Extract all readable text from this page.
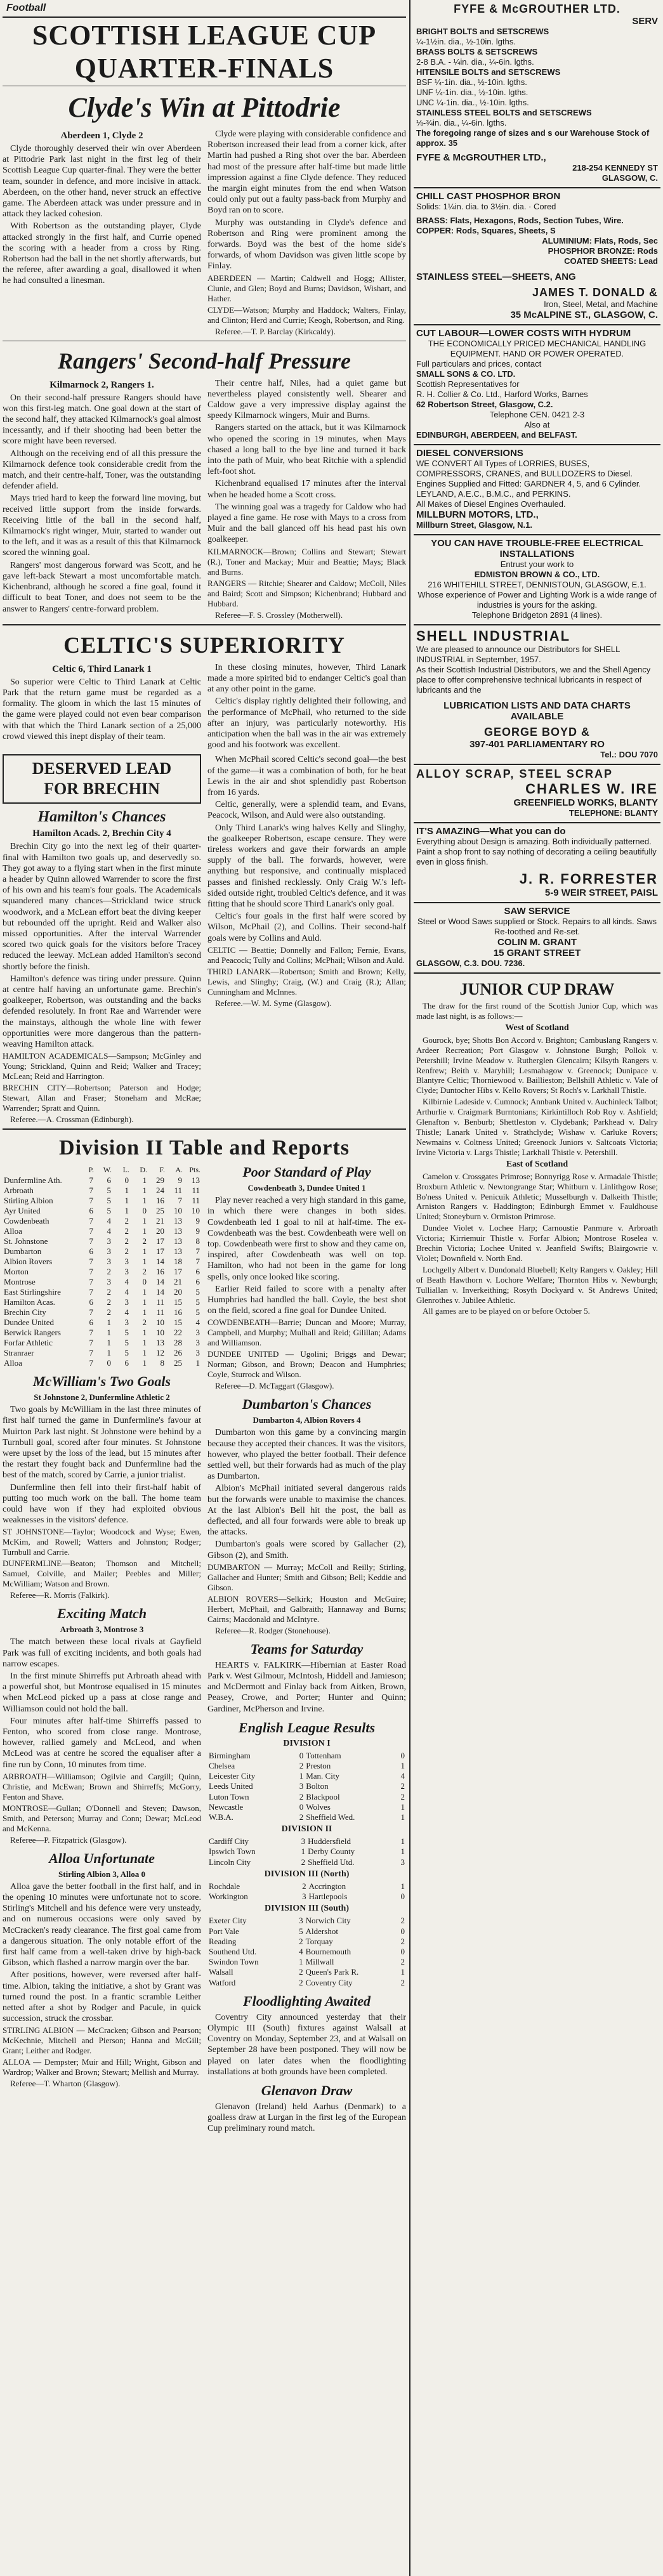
Football
SCOTTISH LEAGUE CUP
QUARTER-FINALS
Clyde's Win at Pittodrie
Aberdeen 1, Clyde 2

Clyde thoroughly deserved their win over Aberdeen at Pittodrie Park last night in the first leg of their Scottish League Cup quarter-final. They were the better team, sounder in defence, and more incisive in attack. Aberdeen, on the other hand, never struck an effective game. The Aberdeen attack was under pressure and in attack they lacked cohesion.

With Robertson as the outstanding player, Clyde attacked strongly in the first half, and Currie opened the scoring with a header from a cross by Ring. Robertson had the ball in the net shortly afterwards, but the referee, after awarding a goal, disallowed it when he had consulted a linesman.

Clyde were playing with considerable confidence and Robertson increased their lead from a corner kick, after Martin had pushed a Ring shot over the bar. Aberdeen had most of the pressure after half-time but made little impression against a fine Clyde defence. They reduced the margin eight minutes from the end when Watson could only put out a faulty pass-back from Murphy and Boyd ran on to score.

Murphy was outstanding in Clyde's defence and Robertson and Ring were prominent among the forwards. Boyd was the best of the home side's forwards, of whom Davidson was given little scope by Finlay.

ABERDEEN — Martin; Caldwell and Hogg; Allister, Clunie, and Glen; Boyd and Burns; Davidson, Wishart, and Hather.

CLYDE—Watson; Murphy and Haddock; Walters, Finlay, and Clinton; Herd and Currie; Keogh, Robertson, and Ring.

Referee.—T. P. Barclay (Kirkcaldy).

Rangers' Second-half Pressure
Kilmarnock 2, Rangers 1.

On their second-half pressure Rangers should have won this first-leg match. One goal down at the start of the second half, they attacked Kilmarnock's goal almost incessantly, and if their shooting had been better the score might have been reversed.

Although on the receiving end of all this pressure the Kilmarnock defence took considerable credit from the match, and their centre-half, Toner, was the outstanding defender afield.

Mays tried hard to keep the forward line moving, but received little support from the inside forwards. Receiving little of the ball in the second half, Kilmarnock's right winger, Muir, started to wander out to the left, and it was as a result of this that Kilmarnock scored the winning goal.

Rangers' most dangerous forward was Scott, and he gave left-back Stewart a most uncomfortable match. Kichenbrand, although he scored a fine goal, found it difficult to beat Toner, and does not seem to be the answer to Rangers' centre-forward problem.

Their centre half, Niles, had a quiet game but nevertheless played consistently well. Shearer and Caldow gave a very impressive display against the speedy Kilmarnock wingers, Muir and Burns.

Rangers started on the attack, but it was Kilmarnock who opened the scoring in 19 minutes, when Mays chased a long ball to the bye line and turned it back into the path of Muir, who beat Ritchie with a splendid left-foot shot.

Kichenbrand equalised 17 minutes after the interval when he headed home a Scott cross.

The winning goal was a tragedy for Caldow who had played a fine game. He rose with Mays to a cross from Muir and the ball glanced off his head past his own goalkeeper.

KILMARNOCK—Brown; Collins and Stewart; Stewart (R.), Toner and Mackay; Muir and Beattie; Mays; Black and Burns.

RANGERS — Ritchie; Shearer and Caldow; McColl, Niles and Baird; Scott and Simpson; Kichenbrand; Hubbard and Hubbard.

Referee—F. S. Crossley (Motherwell).

CELTIC'S SUPERIORITY
Celtic 6, Third Lanark 1

So superior were Celtic to Third Lanark at Celtic Park that the return game must be regarded as a formality. The gloom in which the last 15 minutes of the game were played could not even bear comparison with that which the Third Lanark section of a 25,000 crowd viewed this inept display of their team.

In these closing minutes, however, Third Lanark made a more spirited bid to endanger Celtic's goal than at any other point in the game.

Celtic's display rightly delighted their following, and the performance of McPhail, who returned to the side after an injury, was particularly noteworthy. His anticipation when the ball was in the air was extremely good and his footwork was excellent.

DESERVED LEAD
FOR BRECHIN
Hamilton's Chances
Hamilton Acads. 2, Brechin City 4

Brechin City go into the next leg of their quarter-final with Hamilton two goals up, and deservedly so. They got away to a flying start when in the first minute a header by Quinn allowed Warrender to score the first of his own and his team's four goals. The Academicals squandered many chances—Strickland twice struck woodwork, and a McLean effort beat the diving keeper but rebounded off the upright. Reid and Walker also missed opportunities. After the interval Warrender scored two quick goals for the visitors before Tracey reduced the leeway. McLean added Hamilton's second shortly before the finish.

Hamilton's defence was tiring under pressure. Quinn at centre half having an unfortunate game. Brechin's goalkeeper, Robertson, was outstanding and the backs defended resolutely. In front Rae and Warrender were the mainstays, although the whole line with fewer opportunities were more dangerous than the pattern-weaving Hamilton attack.

HAMILTON ACADEMICALS—Sampson; McGinley and Young; Strickland, Quinn and Reid; Walker and Tracey; McLean; Reid and Harrington.

BRECHIN CITY—Robertson; Paterson and Hodge; Stewart, Allan and Fraser; Stoneham and McRae; Warrender; Spratt and Quinn.

Referee.—A. Crossman (Edinburgh).

When McPhail scored Celtic's second goal—the best of the game—it was a combination of both, for he beat Lewis in the air and shot splendidly past Robertson from 16 yards.

Celtic, generally, were a splendid team, and Evans, Peacock, Wilson, and Auld were also outstanding.

Only Third Lanark's wing halves Kelly and Slinghy, the goalkeeper Robertson, escape censure. They were tireless workers and gave their forwards an ample supply of the ball. The forwards, however, were anything but responsive, and continually misplaced passes and finished recklessly. Only Craig W.'s left-sided outside right, troubled Celtic's defence, and it was fitting that he should score Third Lanark's only goal.

Celtic's four goals in the first half were scored by Wilson, McPhail (2), and Collins. Their second-half goals were by Collins and Auld.

CELTIC — Beattie; Donnelly and Fallon; Fernie, Evans, and Peacock; Tully and Collins; McPhail; Wilson and Auld.

THIRD LANARK—Robertson; Smith and Brown; Kelly, Lewis, and Slinghy; Craig, (W.) and Craig (R.); Allan; Cunningham and McInnes.

Referee.—W. M. Syme (Glasgow).

Division II Table and Reports
	P.	W.	L.	D.	F.	A.	Pts.
Dunfermline Ath.	7	6	0	1	29	9	13
Arbroath	7	5	1	1	24	11	11
Stirling Albion	7	5	1	1	16	7	11
Ayr United	6	5	1	0	25	10	10
Cowdenbeath	7	4	2	1	21	13	9
Alloa	7	4	2	1	20	13	9
St. Johnstone	7	3	2	2	17	13	8
Dumbarton	6	3	2	1	17	13	7
Albion Rovers	7	3	3	1	14	18	7
Morton	7	2	3	2	16	17	6
Montrose	7	3	4	0	14	21	6
East Stirlingshire	7	2	4	1	14	20	5
Hamilton Acas.	6	2	3	1	11	15	5
Brechin City	7	2	4	1	11	16	5
Dundee United	6	1	3	2	10	15	4
Berwick Rangers	7	1	5	1	10	22	3
Forfar Athletic	7	1	5	1	13	28	3
Stranraer	7	1	5	1	12	26	3
Alloa	7	0	6	1	8	25	1
McWilliam's Two Goals
St Johnstone 2, Dunfermline Athletic 2

Two goals by McWilliam in the last three minutes of first half turned the game in Dunfermline's favour at Muirton Park last night. St Johnstone were behind by a Turnbull goal, scored after four minutes. St Johnstone were upset by the loss of the lead, but 15 minutes after the restart they fought back and Dunfermline had the best of the match, scored by Carrie, a junior trialist.

Dunfermline then fell into their first-half habit of putting too much work on the ball. The home team could have won if they had exploited obvious weaknesses in the visitors' defence.

ST JOHNSTONE—Taylor; Woodcock and Wyse; Ewen, McKim, and Rowell; Watters and Johnston; Rodger; Turnbull and Carrie.

DUNFERMLINE—Beaton; Thomson and Mitchell; Samuel, Colville, and Mailer; Peebles and Miller; McWilliam; Watson and Brown.

Referee—R. Morris (Falkirk).

Exciting Match
Arbroath 3, Montrose 3

The match between these local rivals at Gayfield Park was full of exciting incidents, and both goals had narrow escapes.

In the first minute Shirreffs put Arbroath ahead with a powerful shot, but Montrose equalised in 15 minutes when McLeod picked up a pass at close range and Williamson could not hold the ball.

Four minutes after half-time Shirreffs passed to Fenton, who scored from close range. Montrose, however, rallied gamely and McLeod, and when McLeod was at centre he scored the equaliser after a fine run by Conn, 10 minutes from time.

ARBROATH—Williamson; Ogilvie and Cargill; Quinn, Christie, and McEwan; Brown and Shirreffs; McGorry, Fenton and Shave.

MONTROSE—Gullan; O'Donnell and Steven; Dawson, Smith, and Peterson; Murray and Conn; Dewar; McLeod and McKenna.

Referee—P. Fitzpatrick (Glasgow).

Alloa Unfortunate
Stirling Albion 3, Alloa 0

Alloa gave the better football in the first half, and in the opening 10 minutes were unfortunate not to score. Stirling's Mitchell and his defence were very unsteady, and on numerous occasions were only saved by McCracken's ready clearance. The first goal came from a dangerous situation. The only notable effort of the first half came from a well-taken drive by high-back Gibson, which flashed a narrow margin over the bar.

After positions, however, were reversed after half-time. Albion, taking the initiative, a shot by Grant was turned round the post. In a frantic scramble Leither netted after a shot by Rodger and Pacule, in quick succession, struck the crossbar.

STIRLING ALBION — McCracken; Gibson and Pearson; McKechnie, Mitchell and Pierson; Hanna and McGill; Grant; Leither and Rodger.

ALLOA — Dempster; Muir and Hill; Wright, Gibson and Wardrop; Walker and Brown; Stewart; Mellish and Murray.

Referee—T. Wharton (Glasgow).

Poor Standard of Play
Cowdenbeath 3, Dundee United 1

Play never reached a very high standard in this game, in which there were changes in both sides. Cowdenbeath led 1 goal to nil at half-time. The ex-Cowdenbeath was the best. Cowdenbeath were well on top. Cowdenbeath were first to show and they came on, inspired, after Cowdenbeath was well on top. Hamilton, who had not been in the game for long spells, only once looked like scoring.

Earlier Reid failed to score with a penalty after Humphries had handled the ball. Coyle, the best shot on the field, scored a fine goal for Dundee United.

COWDENBEATH—Barrie; Duncan and Moore; Murray, Campbell, and Murphy; Mulhall and Reid; Gilillan; Adams and Williamson.

DUNDEE UNITED — Ugolini; Briggs and Dewar; Norman; Gibson, and Brown; Deacon and Humphries; Coyle, Sturrock and Wilson.

Referee—D. McTaggart (Glasgow).

Dumbarton's Chances
Dumbarton 4, Albion Rovers 4

Dumbarton won this game by a convincing margin because they accepted their chances. It was the visitors, however, who played the better football. Their defence settled well, but their forwards had as much of the play as Dumbarton.

Albion's McPhail initiated several dangerous raids but the forwards were unable to maximise the chances. At the last Albion's Bell hit the post, the ball as deflected, and all four forwards were able to break up the attacks.

Dumbarton's goals were scored by Gallacher (2), Gibson (2), and Smith.

DUMBARTON — Murray; McColl and Reilly; Stirling, Gallacher and Hunter; Smith and Gibson; Bell; Keddie and Gibson.

ALBION ROVERS—Selkirk; Houston and McGuire; Herbert, McPhail, and Galbraith; Hannaway and Burns; Cairns; Macdonald and McIntyre.

Referee—R. Rodger (Stonehouse).

Teams for Saturday

HEARTS v. FALKIRK—Hibernian at Easter Road Park v. West Gilmour, McIntosh, Hiddell and Jamieson; and McDermott and Finlay back from Aitken, Brown, Peasey, Crowe, and Porter; Hunter and Quinn; Gardiner, McPherson and Irvine.

English League Results
DIVISION I
Birmingham	0	Tottenham	0
Chelsea	2	Preston	1
Leicester City	1	Man. City	4
Leeds United	3	Bolton	2
Luton Town	2	Blackpool	2
Newcastle	0	Wolves	1
W.B.A.	2	Sheffield Wed.	1
DIVISION II
Cardiff City	3	Huddersfield	1
Ipswich Town	1	Derby County	1
Lincoln City	2	Sheffield Utd.	3
DIVISION III (North)
Rochdale	2	Accrington	1
Workington	3	Hartlepools	0
DIVISION III (South)
Exeter City	3	Norwich City	2
Port Vale	5	Aldershot	0
Reading	2	Torquay	2
Southend Utd.	4	Bournemouth	0
Swindon Town	1	Millwall	2
Walsall	2	Queen's Park R.	1
Watford	2	Coventry City	2
Floodlighting Awaited

Coventry City announced yesterday that their Olympic III (South) fixtures against Walsall at Coventry on Monday, September 23, and at Walsall on September 28 have been postponed. They will now be played on later dates when the floodlighting installations at both grounds have been completed.

Glenavon Draw

Glenavon (Ireland) held Aarhus (Denmark) to a goalless draw at Lurgan in the first leg of the European Cup preliminary round match.

FYFE & McGROUTHER LTD.
SERV
BRIGHT BOLTS and SETSCREWS
¼-1½in. dia., ½-10in. lgths.
BRASS BOLTS & SETSCREWS
2-8 B.A. - ¼in. dia., ¼-6in. lgths.
HITENSILE BOLTS and SETSCREWS
BSF ¼-1in. dia., ½-10in. lgths.
UNF ¼-1in. dia., ½-10in. lgths.
UNC ¼-1in. dia., ½-10in. lgths.
STAINLESS STEEL BOLTS and SETSCREWS
⅛-¾in. dia., ¼-6in. lgths.
The foregoing range of sizes and s our Warehouse Stock of approx. 35
FYFE & McGROUTHER LTD.,
218-254 KENNEDY ST
GLASGOW, C.
CHILL CAST PHOSPHOR BRON
Solids: 1¼in. dia. to 3½in. dia. · Cored
BRASS: Flats, Hexagons, Rods, Section Tubes, Wire.
COPPER: Rods, Squares, Sheets, S
ALUMINIUM: Flats, Rods, Sec
PHOSPHOR BRONZE: Rods
COATED SHEETS: Lead
STAINLESS STEEL—SHEETS, ANG
JAMES T. DONALD &
Iron, Steel, Metal, and Machine
35 McALPINE ST., GLASGOW, C.
CUT LABOUR—LOWER COSTS WITH HYDRUM
THE ECONOMICALLY PRICED MECHANICAL HANDLING EQUIPMENT. HAND OR POWER OPERATED.
Full particulars and prices, contact
SMALL SONS & CO. LTD.
Scottish Representatives for
R. H. Collier & Co. Ltd., Harford Works, Barnes
62 Robertson Street, Glasgow, C.2.
Telephone CEN. 0421 2-3
Also at
EDINBURGH, ABERDEEN, and BELFAST.
DIESEL CONVERSIONS
WE CONVERT All Types of LORRIES, BUSES, COMPRESSORS, CRANES, and BULLDOZERS to Diesel.
Engines Supplied and Fitted: GARDNER 4, 5, and 6 Cylinder. LEYLAND, A.E.C., B.M.C., and PERKINS.
All Makes of Diesel Engines Overhauled.
MILLBURN MOTORS, LTD.,
Millburn Street, Glasgow, N.1.
YOU CAN HAVE TROUBLE-FREE ELECTRICAL INSTALLATIONS
Entrust your work to
EDMISTON BROWN & CO., LTD.
216 WHITEHILL STREET, DENNISTOUN, GLASGOW, E.1.
Whose experience of Power and Lighting Work is a wide range of industries is yours for the asking.
Telephone Bridgeton 2891 (4 lines).
SHELL INDUSTRIAL
We are pleased to announce our Distributors for SHELL INDUSTRIAL in September, 1957.
As their Scottish Industrial Distributors, we and the Shell Agency place to offer comprehensive technical lubricants in respect of lubricants and the
LUBRICATION LISTS AND DATA CHARTS AVAILABLE
GEORGE BOYD &
397-401 PARLIAMENTARY RO
Tel.: DOU 7070
ALLOY SCRAP, STEEL SCRAP
CHARLES W. IRE
GREENFIELD WORKS, BLANTY
TELEPHONE: BLANTY
IT'S AMAZING—What you can do
Everything about Design is amazing. Both individually patterned. Paint a shop front to say nothing of decorating a ceiling beautifully even in gloss finish.
J. R. FORRESTER
5-9 WEIR STREET, PAISL
SAW SERVICE
Steel or Wood Saws supplied or Stock. Repairs to all kinds. Saws Re-toothed and Re-set.
COLIN M. GRANT
15 GRANT STREET
GLASGOW, C.3. DOU. 7236.
JUNIOR CUP DRAW

The draw for the first round of the Scottish Junior Cup, which was made last night, is as follows:—

West of Scotland

Gourock, bye; Shotts Bon Accord v. Brighton; Cambuslang Rangers v. Ardeer Recreation; Port Glasgow v. Johnstone Burgh; Pollok v. Petershill; Irvine Meadow v. Rutherglen Glencairn; Kilsyth Rangers v. Renfrew; Beith v. Maryhill; Lesmahagow v. Greenock; Dunipace v. Blantyre Celtic; Thorniewood v. Baillieston; Bellshill Athletic v. Vale of Clyde; Duntocher Hibs v. Kello Rovers; St Roch's v. Larkhall Thistle.

Kilbirnie Ladeside v. Cumnock; Annbank United v. Auchinleck Talbot; Arthurlie v. Craigmark Burntonians; Kirkintilloch Rob Roy v. Ashfield; Glenafton v. Benburb; Shettleston v. Clydebank; Parkhead v. Dalry Thistle; Lanark United v. Strathclyde; Wishaw v. Carluke Rovers; Newmains v. Coltness United; Greenock Juniors v. Saltcoats Victoria; Irvine Victoria v. Largs Thistle; Larkhall Thistle v. Petershill.

East of Scotland

Camelon v. Crossgates Primrose; Bonnyrigg Rose v. Armadale Thistle; Broxburn Athletic v. Newtongrange Star; Whitburn v. Linlithgow Rose; Bo'ness United v. Penicuik Athletic; Musselburgh v. Dalkeith Thistle; Arniston Rangers v. Haddington; Edinburgh Emmet v. Fauldhouse United; Stoneyburn v. Ormiston Primrose.

Dundee Violet v. Lochee Harp; Carnoustie Panmure v. Arbroath Victoria; Kirriemuir Thistle v. Forfar Albion; Montrose Roselea v. Brechin Victoria; Lochee United v. Jeanfield Swifts; Blairgowrie v. Violet; Downfield v. North End.

Lochgelly Albert v. Dundonald Bluebell; Kelty Rangers v. Oakley; Hill of Beath Hawthorn v. Lochore Welfare; Thornton Hibs v. Newburgh; Tulliallan v. Inverkeithing; Rosyth Dockyard v. St Andrews United; Glenrothes v. Jubilee Athletic.

All games are to be played on or before October 5.
